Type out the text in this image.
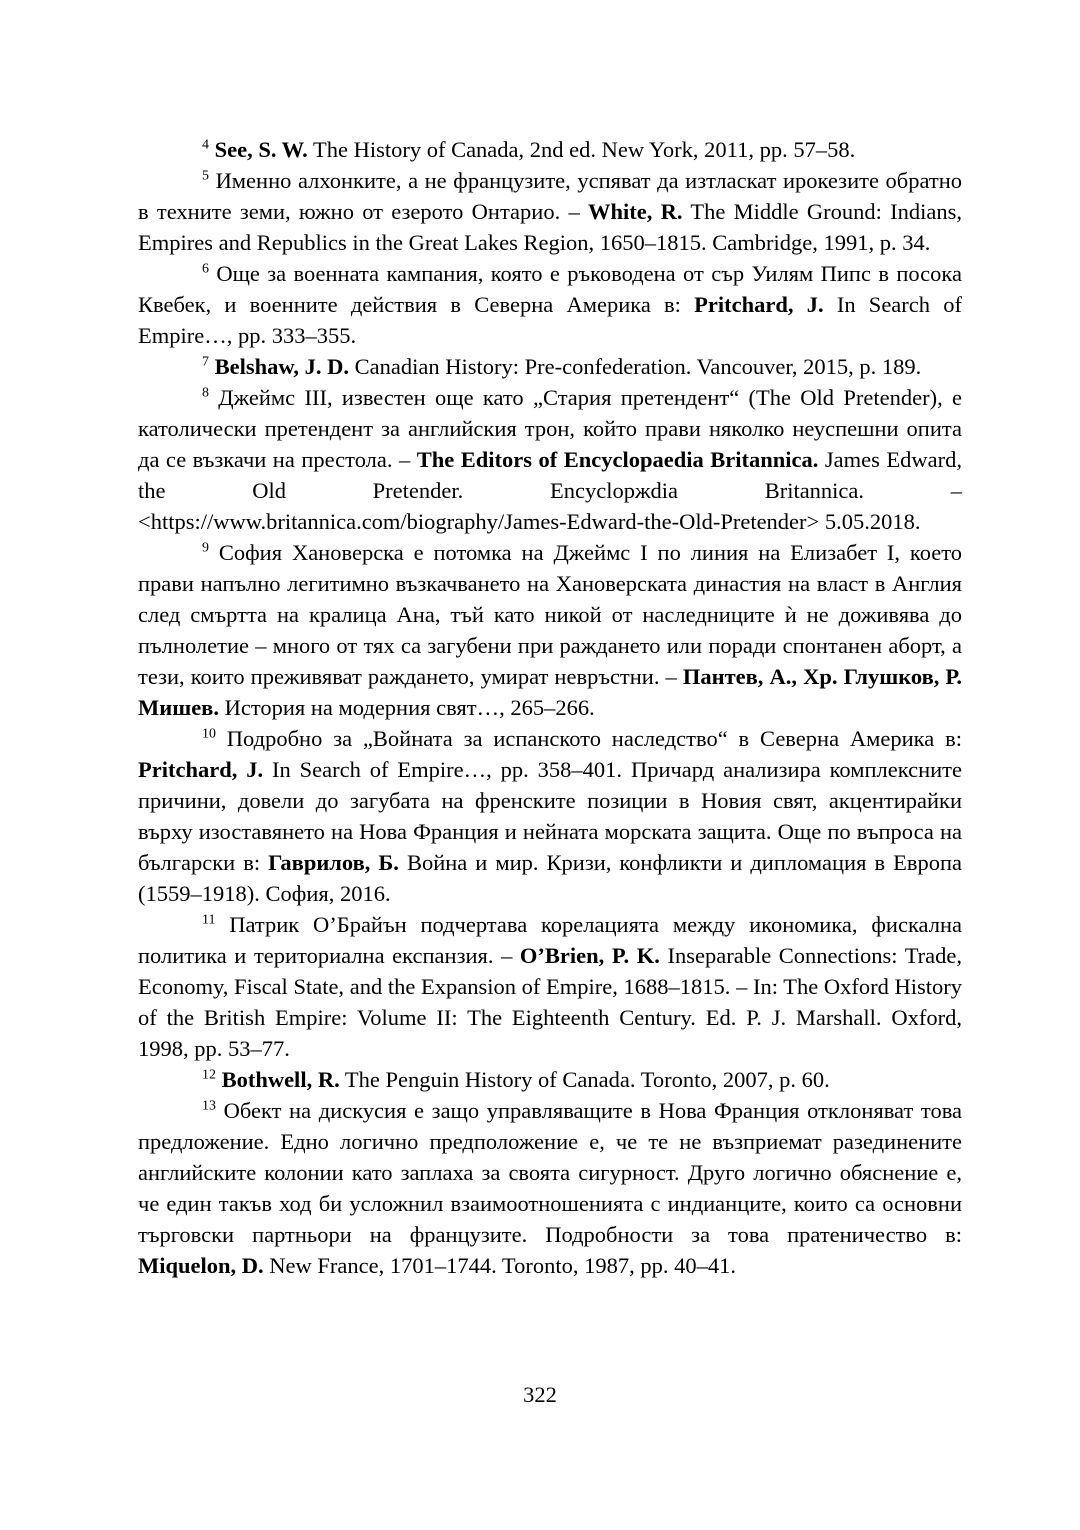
$^4$ See, S. W. The History of Canada, 2nd ed. New York, 2011, pp. 57–58.

$^5$ Именно алхонките, а не французите, успяват да изтласкат ирокезите обратно в техните земи, южно от езерото Онтарио. – White, R. The Middle Ground: Indians, Empires and Republics in the Great Lakes Region, 1650–1815. Cambridge, 1991, p. 34.

$^6$ Още за военната кампания, която е ръководена от сър Уилям Пипс в посока Квебек, и военните действия в Северна Америка в: Pritchard, J. In Search of Empire…, pp. 333–355.

$^7$ Belshaw, J. D. Canadian History: Pre-confederation. Vancouver, 2015, p. 189.

$^8$ Джеймс III, известен още като „Стария претендент“ (The Old Pretender), е католически претендент за английския трон, който прави няколко неуспешни опита да се възкачи на престола. – The Editors of Encyclopaedia Britannica. James Edward, the Old Pretender. Encyclopжdia Britannica. – <https://www.britannica.com/biography/James-Edward-the-Old-Pretender> 5.05.2018.

$^9$ София Хановерска е потомка на Джеймс I по линия на Елизабет I, което прави напълно легитимно възкачването на Хановерската династия на власт в Англия след смъртта на кралица Ана, тъй като никой от наследниците ѝ не доживява до пълнолетие – много от тях са загубени при раждането или поради спонтанен аборт, а тези, които преживяват раждането, умират невръстни. – Пантев, А., Хр. Глушков, Р. Мишев. История на модерния свят…, 265–266.

$^{10}$ Подробно за „Войната за испанското наследство“ в Северна Америка в: Pritchard, J. In Search of Empire…, pp. 358–401. Причард анализира комплексните причини, довели до загубата на френските позиции в Новия свят, акцентирайки върху изоставянето на Нова Франция и нейната морската защита. Още по въпроса на български в: Гаврилов, Б. Война и мир. Кризи, конфликти и дипломация в Европа (1559–1918). София, 2016.

$^{11}$ Патрик О’Брайън подчертава корелацията между икономика, фискална политика и териториална експанзия. – O’Brien, P. K. Inseparable Connections: Trade, Economy, Fiscal State, and the Expansion of Empire, 1688–1815. – In: The Oxford History of the British Empire: Volume II: The Eighteenth Century. Ed. P. J. Marshall. Oxford, 1998, pp. 53–77.

$^{12}$ Bothwell, R. The Penguin History of Canada. Toronto, 2007, p. 60.

$^{13}$ Обект на дискусия е защо управляващите в Нова Франция отклоняват това предложение. Едно логично предположение е, че те не възприемат разединените английските колонии като заплаха за своята сигурност. Друго логично обяснение е, че един такъв ход би усложнил взаимоотношенията с индианците, които са основни търговски партньори на французите. Подробности за това пратеничество в: Miquelon, D. New France, 1701–1744. Toronto, 1987, pp. 40–41.

322
